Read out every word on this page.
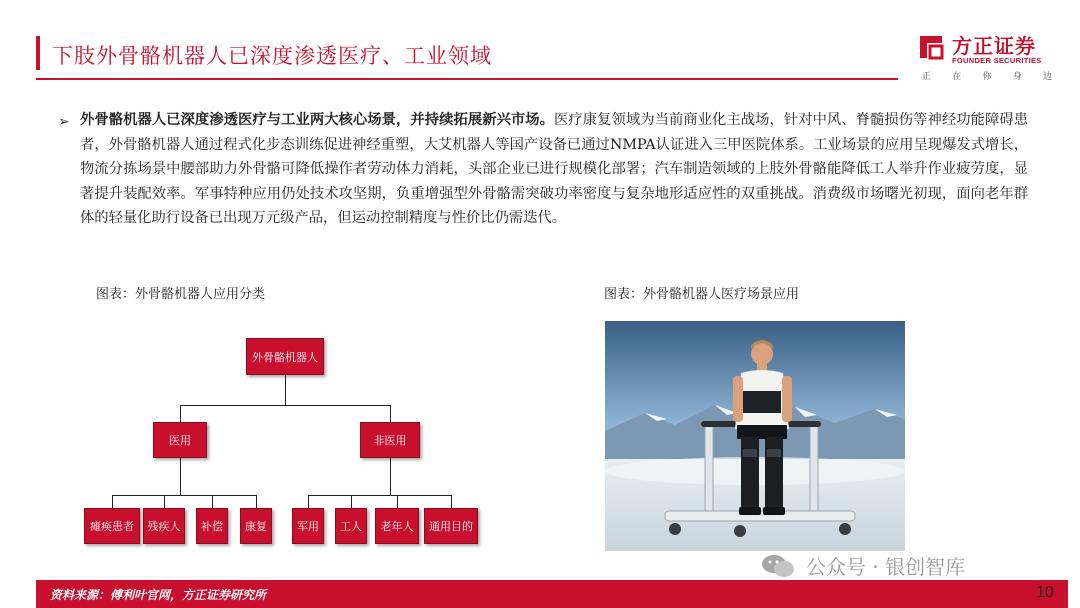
下肢外骨骼机器人已深度渗透医疗、工业领域	方正证券
FOUNDER SECURITIES
正 在 你 身 边
➢ 外骨骼机器人已深度渗透医疗与工业两大核心场景，并持续拓展新兴市场。医疗康复领域为当前商业化主战场，针对中风、脊髓损伤等神经功能障碍患者，外骨骼机器人通过程式化步态训练促进神经重塑，大艾机器人等国产设备已通过NMPA认证进入三甲医院体系。工业场景的应用呈现爆发式增长，物流分拣场景中腰部助力外骨骼可降低操作者劳动体力消耗，头部企业已进行规模化部署；汽车制造领域的上肢外骨骼能降低工人举升作业疲劳度，显著提升装配效率。军事特种应用仍处技术攻坚期，负重增强型外骨骼需突破功率密度与复杂地形适应性的双重挑战。消费级市场曙光初现，面向老年群体的轻量化助行设备已出现万元级产品，但运动控制精度与性价比仍需迭代。
图表：外骨骼机器人应用分类	图表：外骨骼机器人医疗场景应用
外骨骼机器人
医用	非医用
瘫痪患者	残疾人	补偿	康复	军用	工人	老年人	通用目的
公众号 · 银创智库
资料来源：傅利叶官网，方正证券研究所	10
